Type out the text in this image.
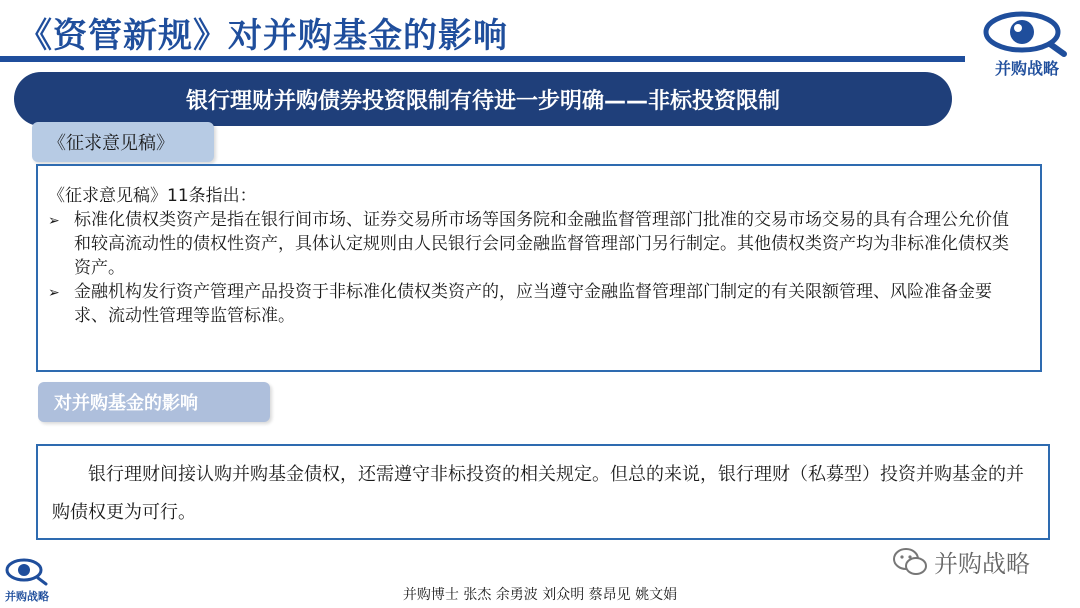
《资管新规》对并购基金的影响
并购战略
银行理财并购债券投资限制有待进一步明确——非标投资限制
《征求意见稿》
《征求意见稿》11条指出：
➢ 标准化债权类资产是指在银行间市场、证券交易所市场等国务院和金融监督管理部门批准的交易市场交易的具有合理公允价值和较高流动性的债权性资产，具体认定规则由人民银行会同金融监督管理部门另行制定。其他债权类资产均为非标准化债权类资产。
➢ 金融机构发行资产管理产品投资于非标准化债权类资产的，应当遵守金融监督管理部门制定的有关限额管理、风险准备金要求、流动性管理等监管标准。
对并购基金的影响
银行理财间接认购并购基金债权，还需遵守非标投资的相关规定。但总的来说，银行理财（私募型）投资并购基金的并购债权更为可行。
并购战略
并购战略	并购博士 张杰 余勇波 刘众明 蔡昂见 姚文娟
